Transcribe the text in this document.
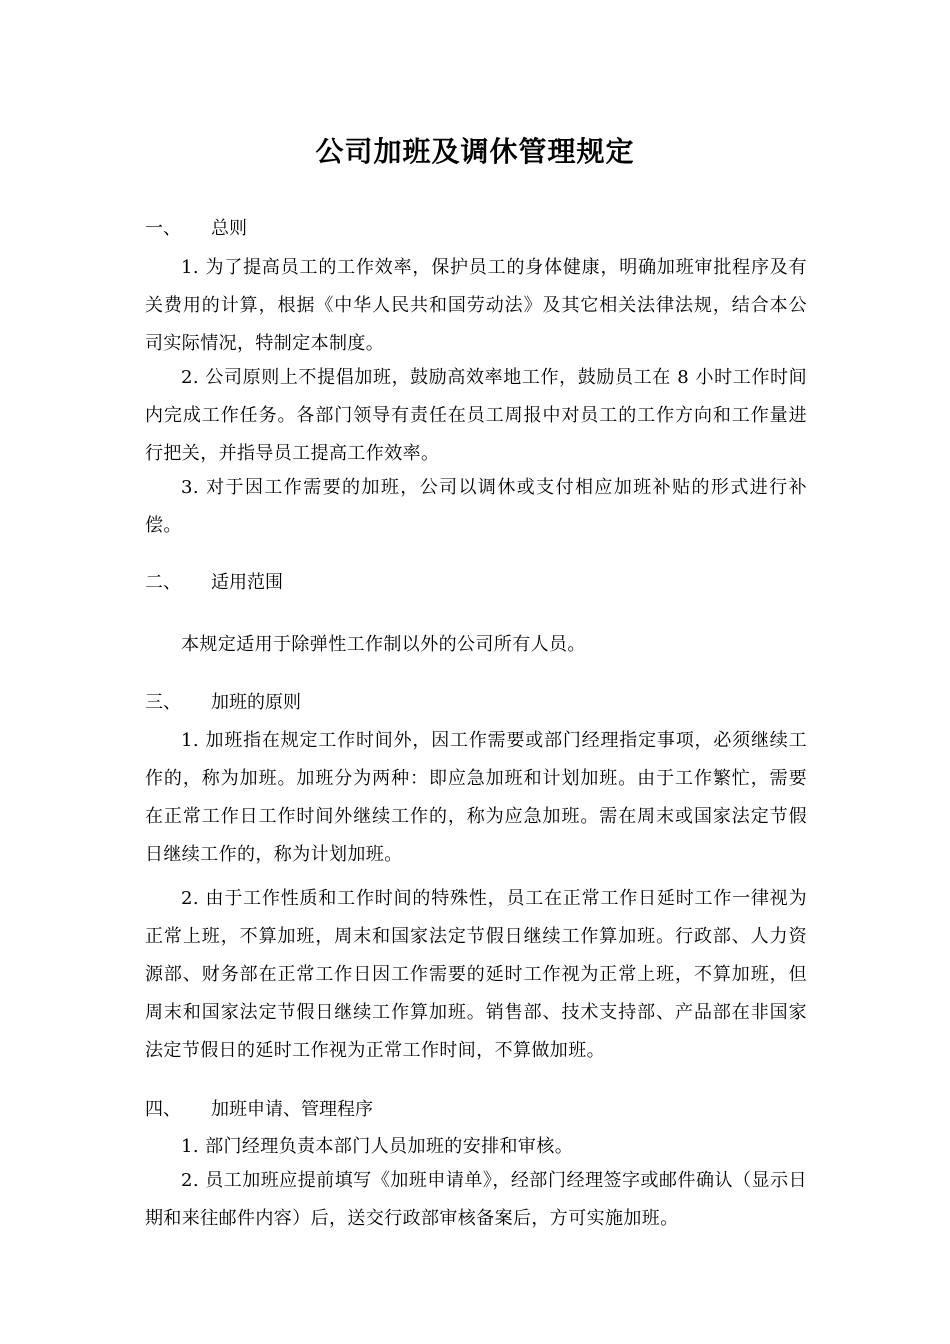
公司加班及调休管理规定
一、 总则
1. 为了提高员工的工作效率，保护员工的身体健康，明确加班审批程序及有关费用的计算，根据《中华人民共和国劳动法》及其它相关法律法规，结合本公司实际情况，特制定本制度。
2. 公司原则上不提倡加班，鼓励高效率地工作，鼓励员工在 8 小时工作时间内完成工作任务。各部门领导有责任在员工周报中对员工的工作方向和工作量进行把关，并指导员工提高工作效率。
3. 对于因工作需要的加班，公司以调休或支付相应加班补贴的形式进行补偿。
二、 适用范围
本规定适用于除弹性工作制以外的公司所有人员。
三、 加班的原则
1. 加班指在规定工作时间外，因工作需要或部门经理指定事项，必须继续工作的，称为加班。加班分为两种：即应急加班和计划加班。由于工作繁忙，需要在正常工作日工作时间外继续工作的，称为应急加班。需在周末或国家法定节假日继续工作的，称为计划加班。
2. 由于工作性质和工作时间的特殊性，员工在正常工作日延时工作一律视为正常上班，不算加班，周末和国家法定节假日继续工作算加班。行政部、人力资源部、财务部在正常工作日因工作需要的延时工作视为正常上班，不算加班，但周末和国家法定节假日继续工作算加班。销售部、技术支持部、产品部在非国家法定节假日的延时工作视为正常工作时间，不算做加班。
四、 加班申请、管理程序
1. 部门经理负责本部门人员加班的安排和审核。
2. 员工加班应提前填写《加班申请单》，经部门经理签字或邮件确认（显示日期和来往邮件内容）后，送交行政部审核备案后，方可实施加班。
